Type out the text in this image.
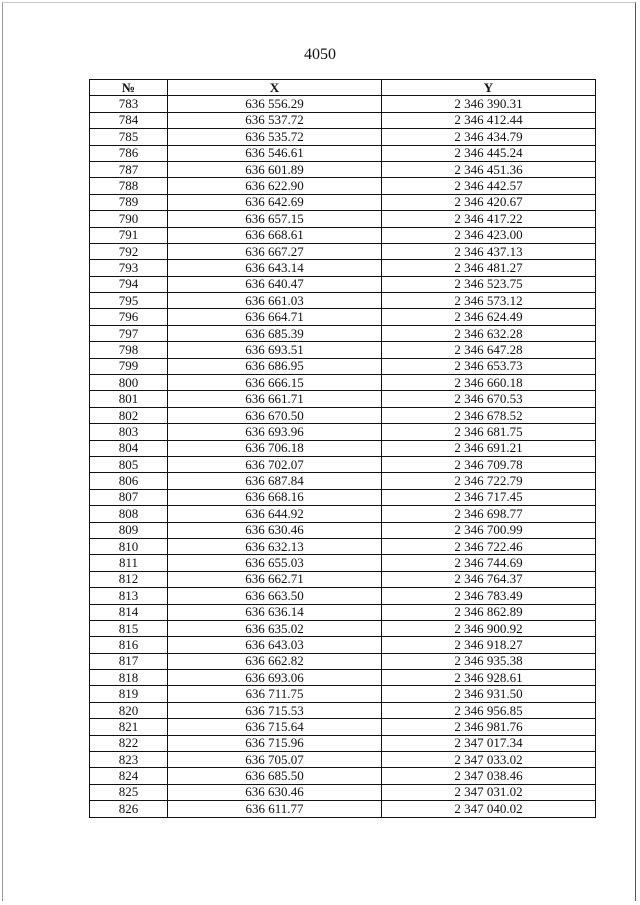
4050
№	X	Y
783	636 556.29	2 346 390.31
784	636 537.72	2 346 412.44
785	636 535.72	2 346 434.79
786	636 546.61	2 346 445.24
787	636 601.89	2 346 451.36
788	636 622.90	2 346 442.57
789	636 642.69	2 346 420.67
790	636 657.15	2 346 417.22
791	636 668.61	2 346 423.00
792	636 667.27	2 346 437.13
793	636 643.14	2 346 481.27
794	636 640.47	2 346 523.75
795	636 661.03	2 346 573.12
796	636 664.71	2 346 624.49
797	636 685.39	2 346 632.28
798	636 693.51	2 346 647.28
799	636 686.95	2 346 653.73
800	636 666.15	2 346 660.18
801	636 661.71	2 346 670.53
802	636 670.50	2 346 678.52
803	636 693.96	2 346 681.75
804	636 706.18	2 346 691.21
805	636 702.07	2 346 709.78
806	636 687.84	2 346 722.79
807	636 668.16	2 346 717.45
808	636 644.92	2 346 698.77
809	636 630.46	2 346 700.99
810	636 632.13	2 346 722.46
811	636 655.03	2 346 744.69
812	636 662.71	2 346 764.37
813	636 663.50	2 346 783.49
814	636 636.14	2 346 862.89
815	636 635.02	2 346 900.92
816	636 643.03	2 346 918.27
817	636 662.82	2 346 935.38
818	636 693.06	2 346 928.61
819	636 711.75	2 346 931.50
820	636 715.53	2 346 956.85
821	636 715.64	2 346 981.76
822	636 715.96	2 347 017.34
823	636 705.07	2 347 033.02
824	636 685.50	2 347 038.46
825	636 630.46	2 347 031.02
826	636 611.77	2 347 040.02
